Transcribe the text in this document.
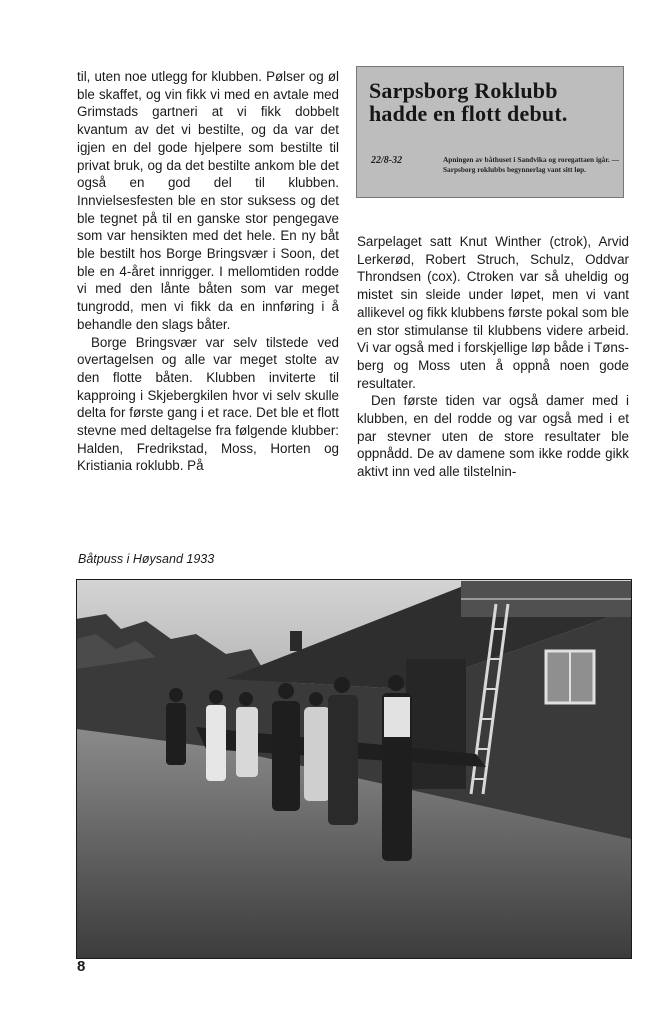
til, uten noe utlegg for klubben. Pølser og øl ble skaffet, og vin fikk vi med en avtale med Grimstads gartneri at vi fikk dobbelt kvantum av det vi bestilte, og da var det igjen en del gode hjelpere som bestilte til privat bruk, og da det bestilte ankom ble det også en god del til klubben. Innvielsesfesten ble en stor suksess og det ble tegnet på til en ganske stor pengegave som var hensikten med det hele. En ny båt ble bestilt hos Borge Bringsvær i Soon, det ble en 4-året innrigger. I mellomtiden rodde vi med den lånte båten som var meget tungrodd, men vi fikk da en innføring i å behandle den slags båter.

Borge Bringsvær var selv tilstede ved overtagelsen og alle var meget stolte av den flotte båten. Klubben inviterte til kapproing i Skjebergkilen hvor vi selv skulle delta for første gang i et race. Det ble et flott stevne med deltagelse fra følgende klubber: Halden, Fredrikstad, Moss, Horten og Kristiania roklubb. På

Sarpsborg Roklubb hadde en flott debut.
22/8-32	Apningen av båthuset i Sandvika og roregattaen igår. — Sarpsborg roklubbs begynnerlag vant sitt løp.

Sarpelaget satt Knut Winther (ctrok), Arvid Lerkerød, Robert Struch, Schulz, Oddvar Throndsen (cox). Ctroken var så uheldig og mistet sin sleide under løpet, men vi vant allikevel og fikk klubbens første pokal som ble en stor stimulanse til klubbens videre arbeid. Vi var også med i forskjellige løp både i Tønsberg og Moss uten å oppnå noen gode resultater.

Den første tiden var også damer med i klubben, en del rodde og var også med i et par stevner uten de store resultater ble oppnådd. De av damene som ikke rodde gikk aktivt inn ved alle tilstelnin-

Båtpuss i Høysand 1933
8
